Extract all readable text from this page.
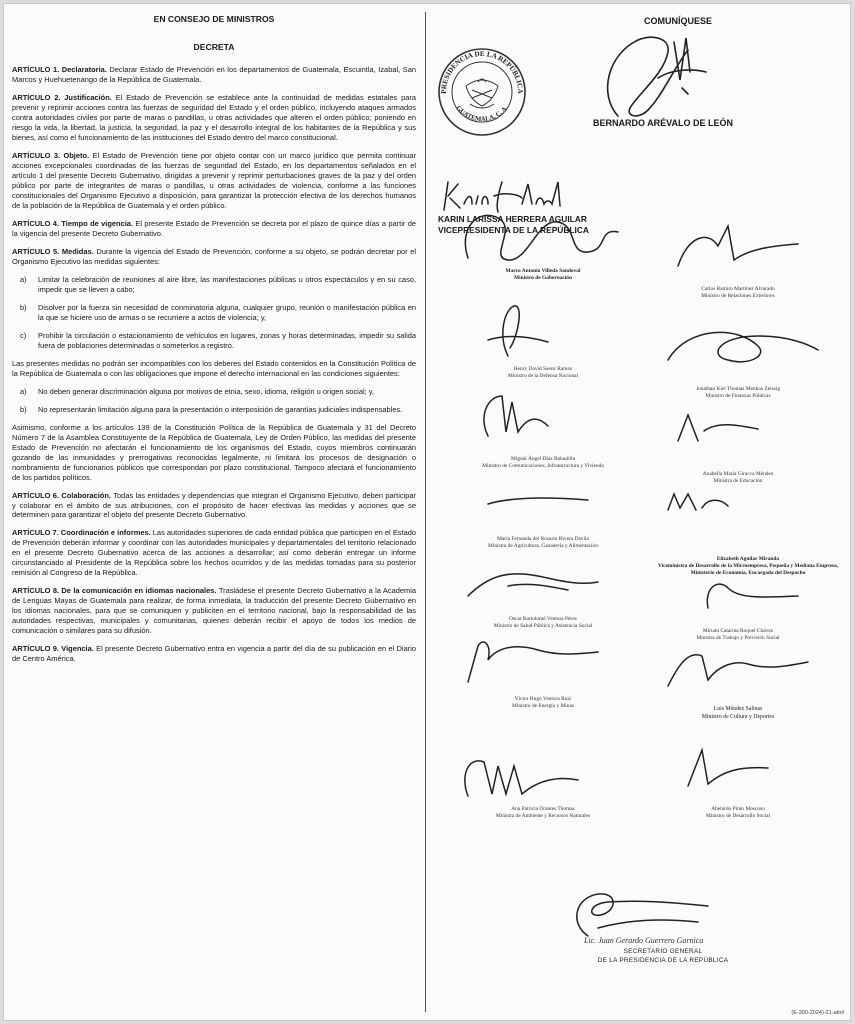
EN CONSEJO DE MINISTROS
DECRETA
ARTÍCULO 1. Declaratoria. Declarar Estado de Prevención en los departamentos de Guatemala, Escuintla, Izabal, San Marcos y Huehuetenango de la República de Guatemala.
ARTÍCULO 2. Justificación. El Estado de Prevención se establece ante la continuidad de medidas estatales para prevenir y reprimir acciones contra las fuerzas de seguridad del Estado y el orden público, incluyendo ataques armados contra autoridades civiles por parte de maras o pandillas, u otras actividades que alteren el orden público; poniendo en riesgo la vida, la libertad, la justicia, la seguridad, la paz y el desarrollo integral de los habitantes de la República y sus bienes, así como el funcionamiento de las instituciones del Estado dentro del marco constitucional.
ARTÍCULO 3. Objeto. El Estado de Prevención tiene por objeto contar con un marco jurídico que permita continuar acciones excepcionales coordinadas de las fuerzas de seguridad del Estado, en los departamentos señalados en el artículo 1 del presente Decreto Gubernativo, dirigidas a prevenir y reprimir perturbaciones graves de la paz y del orden público por parte de integrantes de maras o pandillas, u otras actividades de violencia, conforme a las funciones constitucionales del Organismo Ejecutivo a disposición, para garantizar la protección efectiva de los derechos humanos de la población de la República de Guatemala y el orden público.
ARTÍCULO 4. Tiempo de vigencia. El presente Estado de Prevención se decreta por el plazo de quince días a partir de la vigencia del presente Decreto Gubernativo.
ARTÍCULO 5. Medidas. Durante la vigencia del Estado de Prevención, conforme a su objeto, se podrán decretar por el Organismo Ejecutivo las medidas siguientes:
a)	Limitar la celebración de reuniones al aire libre, las manifestaciones públicas u otros espectáculos y en su caso, impedir que se lleven a cabo;
b)	Disolver por la fuerza sin necesidad de conminatoria alguna, cualquier grupo, reunión o manifestación pública en la que se hiciere uso de armas o se recurriere a actos de violencia; y,
c)	Prohibir la circulación o estacionamiento de vehículos en lugares, zonas y horas determinadas, impedir su salida fuera de poblaciones determinadas o someterlos a registro.
Las presentes medidas no podrán ser incompatibles con los deberes del Estado contenidos en la Constitución Política de la República de Guatemala o con las obligaciones que impone el derecho internacional en las condiciones siguientes:
a)	No deben generar discriminación alguna por motivos de etnia, sexo, idioma, religión u origen social; y,
b)	No representarán limitación alguna para la presentación o interposición de garantías judiciales indispensables.
Asimismo, conforme a los artículos 139 de la Constitución Política de la República de Guatemala y 31 del Decreto Número 7 de la Asamblea Constituyente de la República de Guatemala, Ley de Orden Público, las medidas del presente Estado de Prevención no afectarán el funcionamiento de los organismos del Estado, cuyos miembros continuarán gozando de las inmunidades y prerrogativas reconocidas legalmente, ni limitará los procesos de designación o nombramiento de funcionarios públicos que correspondan por plazo constitucional. Tampoco afectará el funcionamiento de los partidos políticos.
ARTÍCULO 6. Colaboración. Todas las entidades y dependencias que integran el Organismo Ejecutivo, deben participar y colaborar en el ámbito de sus atribuciones, con el propósito de hacer efectivas las medidas y acciones que se determinen para garantizar el objeto del presente Decreto Gubernativo.
ARTÍCULO 7. Coordinación e informes. Las autoridades superiores de cada entidad pública que participen en el Estado de Prevención deberán informar y coordinar con las autoridades municipales y departamentales del territorio relacionado en el presente Decreto Gubernativo acerca de las acciones a desarrollar; así como deberán entregar un informe circunstanciado al Presidente de la República sobre los hechos ocurridos y de las medidas tomadas para su posterior remisión al Congreso de la República.
ARTÍCULO 8. De la comunicación en idiomas nacionales. Trasládese el presente Decreto Gubernativo a la Academia de Lenguas Mayas de Guatemala para realizar, de forma inmediata, la traducción del presente Decreto Gubernativo en los idiomas nacionales, para que se comuniquen y publiciten en el territorio nacional, bajo la responsabilidad de las autoridades respectivas, municipales y comunitarias, quienes deberán recibir el apoyo de todos los medios de comunicación o similares para su difusión.
ARTÍCULO 9. Vigencia. El presente Decreto Gubernativo entra en vigencia a partir del día de su publicación en el Diario de Centro América.
COMUNÍQUESE
PRESIDENCIA DE LA REPÚBLICA
GUATEMALA, C. A.
BERNARDO ARÉVALO DE LEÓN
KARIN LARISSA HERRERA AGUILAR
VICEPRESIDENTA DE LA REPÚBLICA
Marco Antonio Villeda Sandoval
Ministro de Gobernación
Carlos Ramiro Martínez Alvarado
Ministro de Relaciones Exteriores
Henry David Saenz Ramos
Ministro de la Defensa Nacional
Jonathan Kiel Thomas Menkos Zeissig
Ministro de Finanzas Públicas
Miguel Ángel Díaz Bobadilla
Ministro de Comunicaciones, Infraestructura y Vivienda
Anabella María Giracca Méndez
Ministra de Educación
María Fernanda del Rosario Rivera Dávila
Ministra de Agricultura, Ganadería y Alimentación
Elizabeth Aguilar Miranda
Viceministra de Desarrollo de la Microempresa, Pequeña y Mediana Empresa, Ministerio de Economía, Encargada del Despacho
Oscar Bartolomé Ventura Pérez
Ministro de Salud Pública y Asistencia Social
Miriam Catarina Roquel Chávez
Ministra de Trabajo y Previsión Social
Víctor Hugo Ventura Ruiz
Ministro de Energía y Minas	Luis Méndez Salinas
Ministro de Cultura y Deportes
Ana Patricia Orantes Thomas
Ministra de Ambiente y Recursos Naturales
Abelardo Pinto Moscoso
Ministro de Desarrollo Social
Lic. Juan Gerardo Guerrero Garnica
SECRETARIO GENERAL
DE LA PRESIDENCIA DE LA REPÚBLICA
(E-300-2024)-21-abril
